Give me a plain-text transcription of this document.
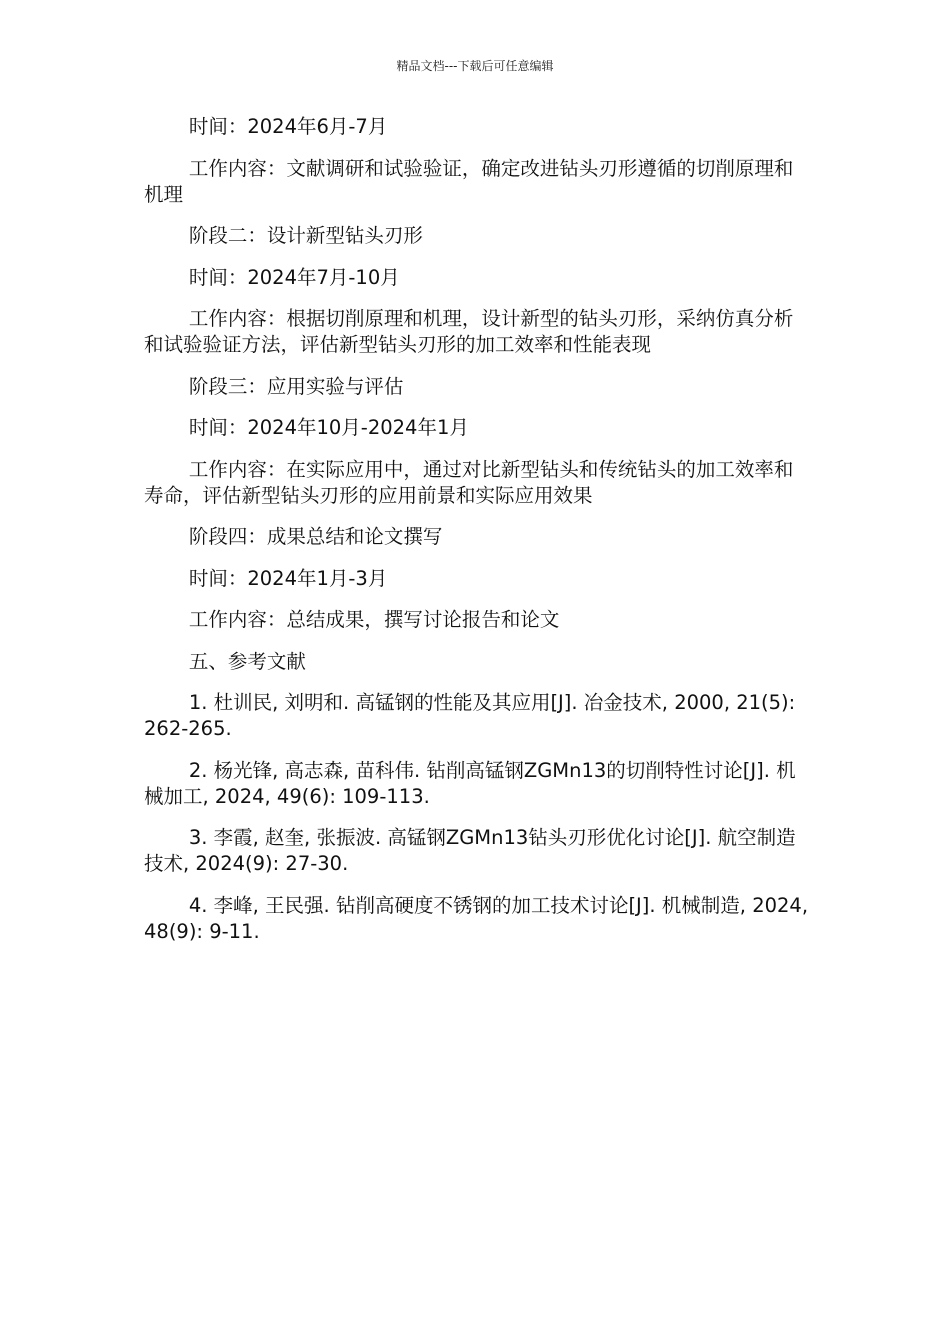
精品文档---下载后可任意编辑

时间：2024年6月-7月

工作内容：文献调研和试验验证，确定改进钻头刃形遵循的切削原理和机理

阶段二：设计新型钻头刃形

时间：2024年7月-10月

工作内容：根据切削原理和机理，设计新型的钻头刃形，采纳仿真分析和试验验证方法，评估新型钻头刃形的加工效率和性能表现

阶段三：应用实验与评估

时间：2024年10月-2024年1月

工作内容：在实际应用中，通过对比新型钻头和传统钻头的加工效率和寿命，评估新型钻头刃形的应用前景和实际应用效果

阶段四：成果总结和论文撰写

时间：2024年1月-3月

工作内容：总结成果，撰写讨论报告和论文

五、参考文献

1. 杜训民, 刘明和. 高锰钢的性能及其应用[J]. 冶金技术, 2000, 21(5): 262-265.

2. 杨光锋, 高志森, 苗科伟. 钻削高锰钢ZGMn13的切削特性讨论[J]. 机械加工, 2024, 49(6): 109-113.

3. 李霞, 赵奎, 张振波. 高锰钢ZGMn13钻头刃形优化讨论[J]. 航空制造技术, 2024(9): 27-30.

4. 李峰, 王民强. 钻削高硬度不锈钢的加工技术讨论[J]. 机械制造, 2024, 48(9): 9-11.
